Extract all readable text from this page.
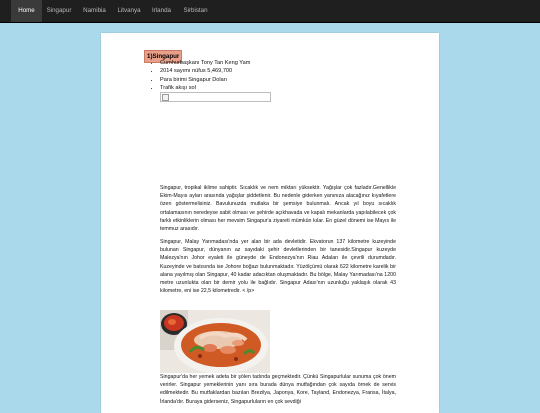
Home	Singapur	Namibia	Litvanya	Irlanda	Sirbistan
1)Singapur
• Cumhurbaşkanı Tony Tan Keng Yam
• 2014 sayımı nüfus 5,469,700
• Para birimi Singapur Doları
• Trafik akışı sol

Singapur, tropikal iklime sahiptir. Sıcaklık ve nem miktarı yüksektir. Yağışlar çok fazladır.Genellikle Ekim-Mayıs ayları arasında yağışlar şiddetlenir. Bu nedenle giderken yanınıza alacağınız kıyafetlere özen göstermelisiniz. Bavulunuzda mutlaka bir şemsiye bulunmalı. Ancak yıl boyu sıcaklık ortalamasının neredeyse sabit olması ve şehirde açıkhavada ve kapalı mekanlarda yapılabilecek çok farklı etkinliklerin olması her mevsim Singapur'a ziyareti mümkün kılar. En güzel dönemi ise Mayıs ile temmuz arasıdır.

Singapur, Malay Yarımadası'nda yer alan bir ada devletidir. Ekvatorun 137 kilometre kuzeyinde bulunan Singapur, dünyanın az sayıdaki şehir devletlerinden bir tanesidir.Singapur kuzeyde Malezya'nın Johor eyaleti ile güneyde de Endonezya'nın Riau Adaları ile çevrili durumdadır. Kuzeyinde ve batısında ise Johore boğazı bulunmaktadır. Yüzölçümü olarak 622 kilometre karelik bir alana yayılmış olan Singapur, 40 kadar adacıktan oluşmaktadır. Bu bölge, Malay Yarımadası'na 1200 metre uzunlukta olan bir demir yolu ile bağlıdır. Singapur Adası'nın uzunluğu yaklaşık olarak 43 kilometre, eni ise 22,5 kilometredir. < /p>

Singapur'da her yemek adeta bir şölen tadında geçmektedir. Çünkü Singapurlular sunuma çok önem verirler. Singapur yemeklerinin yanı sıra burada dünya mutfağından çok sayıda örnek de servis edilmektedir. Bu mutfaklardan bazıları Brezilya, Japonya, Kore, Tayland, Endonezya, Fransa, İtalya, İrlanda'dır. Buraya giderseniz, Singapurluların en çok sevdiği
